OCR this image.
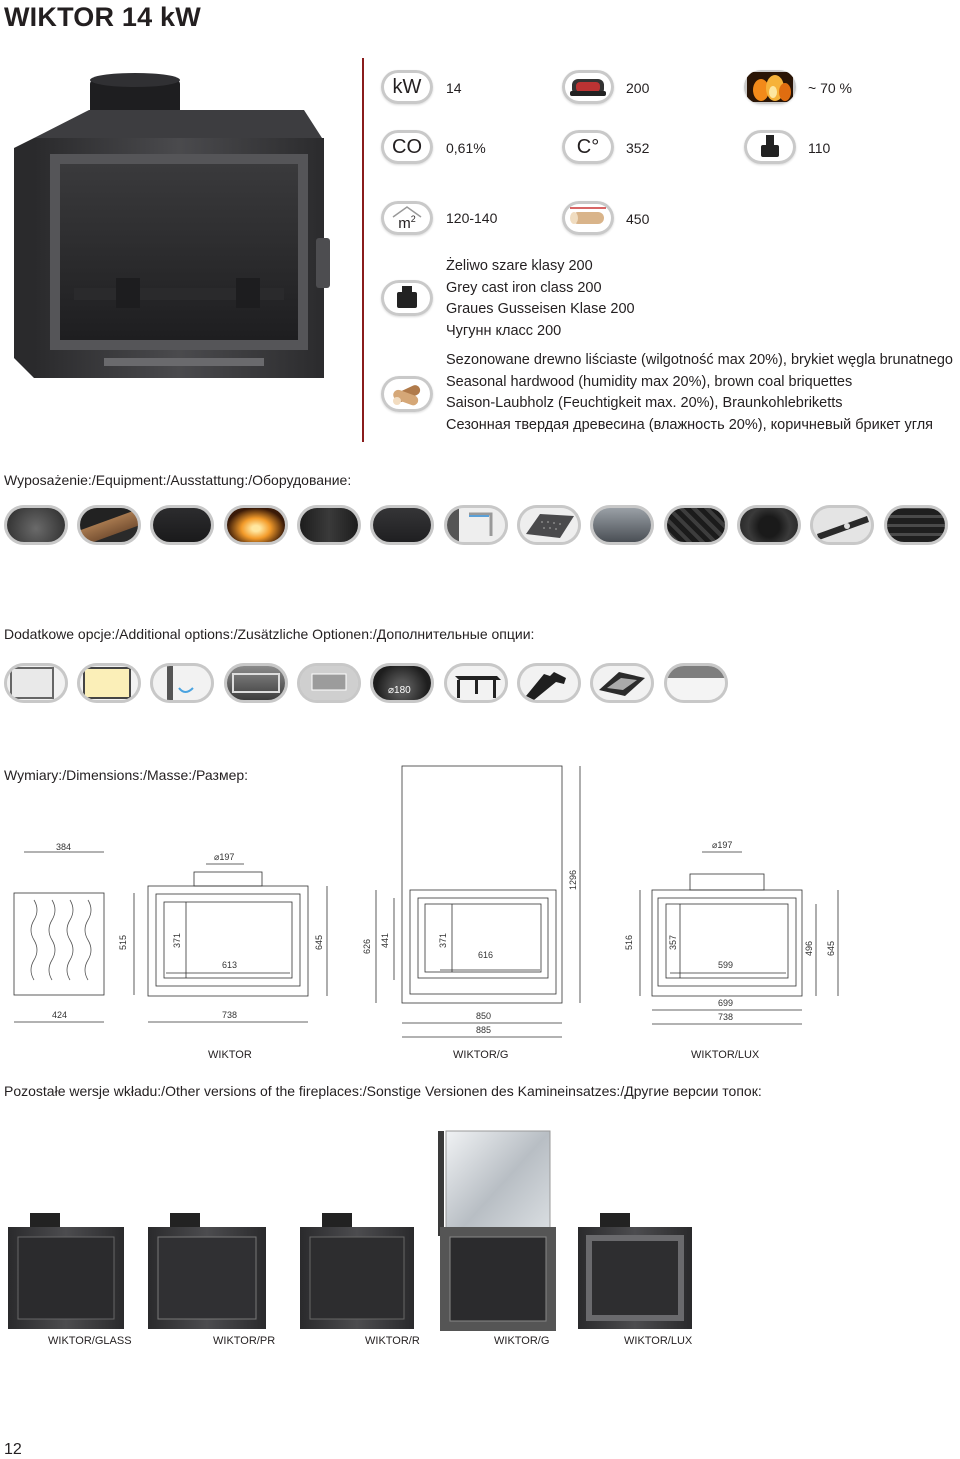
WIKTOR 14 kW
kW 14	200	~ 70 %
CO 0,61%	C° 352	110
$m^2$ 120-140	450
Żeliwo szare klasy 200
Grey cast iron class 200
Graues Gusseisen Klase 200
Чугунн класс 200
Sezonowane drewno liściaste (wilgotność max 20%), brykiet węgla brunatnego
Seasonal hardwood (humidity max 20%), brown coal briquettes
Saison-Laubholz (Feuchtigkeit max. 20%), Braunkohlebriketts
Сезонная твердая древесина (влажность 20%), коричневый брикет угля
Wyposażenie:/Equipment:/Ausstattung:/Оборудование:
Dodatkowe opcje:/Additional options:/Zusätzliche Optionen:/Дополнительные опции:
⌀180
Wymiary:/Dimensions:/Masse:/Размер:
384
515
424
⌀197
371
613
645
738
1296
626 441	371
616
850
885
⌀197
516	357
599
496 645
699
738
WIKTOR	WIKTOR/G	WIKTOR/LUX
Pozostałe wersje wkładu:/Other versions of the fireplaces:/Sonstige Versionen des Kamineinsatzes:/Другие версии топок:
WIKTOR/GLASS	WIKTOR/PR	WIKTOR/R	WIKTOR/G	WIKTOR/LUX
12
